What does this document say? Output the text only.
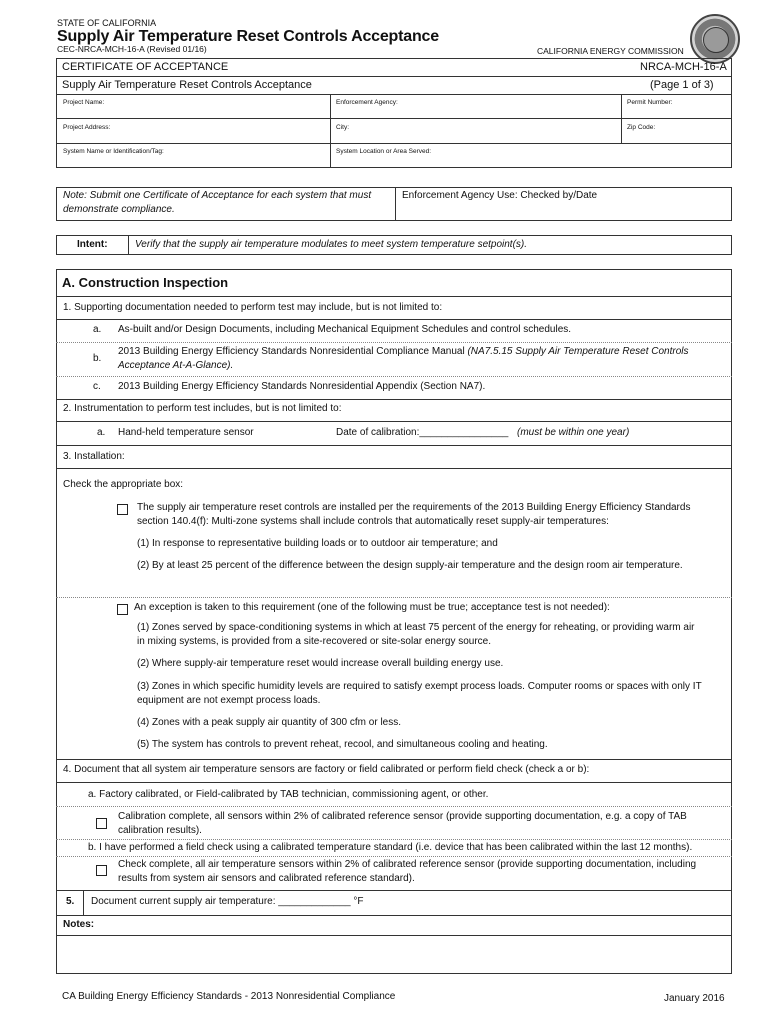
STATE OF CALIFORNIA
Supply Air Temperature Reset Controls Acceptance
CEC-NRCA-MCH-16-A (Revised 01/16)	CALIFORNIA ENERGY COMMISSION
CERTIFICATE OF ACCEPTANCE	NRCA-MCH-16-A
Supply Air Temperature Reset Controls Acceptance	(Page 1 of 3)
Project Name:	Enforcement Agency:	Permit Number:
Project Address:	City:	Zip Code:
System Name or Identification/Tag:	System Location or Area Served:
Note: Submit one Certificate of Acceptance for each system that must
demonstrate compliance.
Enforcement Agency Use: Checked by/Date
Intent:	Verify that the supply air temperature modulates to meet system temperature setpoint(s).
A. Construction Inspection
1. Supporting documentation needed to perform test may include, but is not limited to:
a. As-built and/or Design Documents, including Mechanical Equipment Schedules and control schedules.
b.
2013 Building Energy Efficiency Standards Nonresidential Compliance Manual (NA7.5.15 Supply Air Temperature Reset Controls
Acceptance At-A-Glance).
c. 2013 Building Energy Efficiency Standards Nonresidential Appendix (Section NA7).
2. Instrumentation to perform test includes, but is not limited to:
a. Hand-held temperature sensor	Date of calibration:________________ (must be within one year)
3. Installation:
Check the appropriate box:
The supply air temperature reset controls are installed per the requirements of the 2013 Building Energy Efficiency Standards
section 140.4(f): Multi-zone systems shall include controls that automatically reset supply-air temperatures:
(1) In response to representative building loads or to outdoor air temperature; and
(2) By at least 25 percent of the difference between the design supply-air temperature and the design room air temperature.
An exception is taken to this requirement (one of the following must be true; acceptance test is not needed):
(1) Zones served by space-conditioning systems in which at least 75 percent of the energy for reheating, or providing warm air
in mixing systems, is provided from a site-recovered or site-solar energy source.
(2) Where supply-air temperature reset would increase overall building energy use.
(3) Zones in which specific humidity levels are required to satisfy exempt process loads. Computer rooms or spaces with only IT
equipment are not exempt process loads.
(4) Zones with a peak supply air quantity of 300 cfm or less.
(5) The system has controls to prevent reheat, recool, and simultaneous cooling and heating.
4. Document that all system air temperature sensors are factory or field calibrated or perform field check (check a or b):
a. Factory calibrated, or Field-calibrated by TAB technician, commissioning agent, or other.
Calibration complete, all sensors within 2% of calibrated reference sensor (provide supporting documentation, e.g. a copy of TAB
calibration results).
b. I have performed a field check using a calibrated temperature standard (i.e. device that has been calibrated within the last 12 months).
Check complete, all air temperature sensors within 2% of calibrated reference sensor (provide supporting documentation, including
results from system air sensors and calibrated reference standard).
5. Document current supply air temperature: _____________ °F
Notes:
CA Building Energy Efficiency Standards - 2013 Nonresidential Compliance	January 2016
